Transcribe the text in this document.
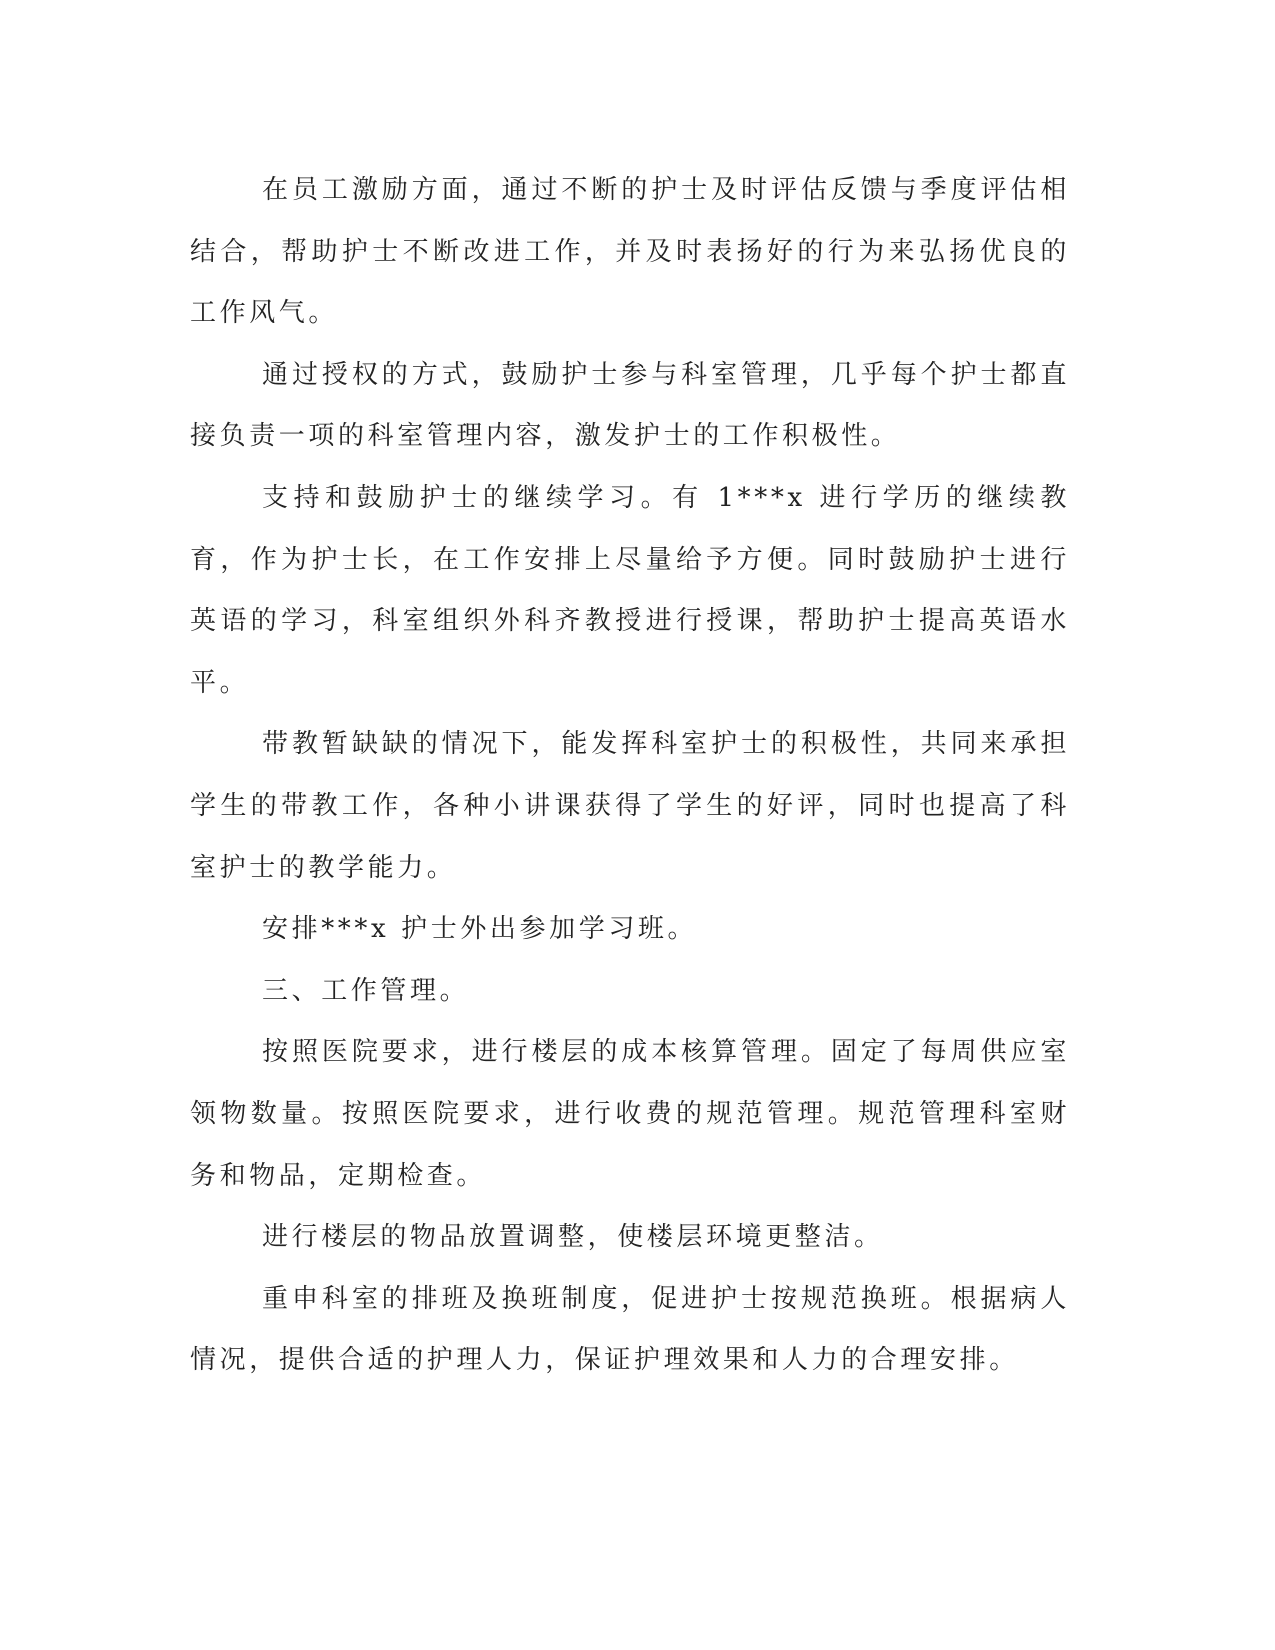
在员工激励方面，通过不断的护士及时评估反馈与季度评估相结合，帮助护士不断改进工作，并及时表扬好的行为来弘扬优良的工作风气。

通过授权的方式，鼓励护士参与科室管理，几乎每个护士都直接负责一项的科室管理内容，激发护士的工作积极性。

支持和鼓励护士的继续学习。有 1***x 进行学历的继续教育，作为护士长，在工作安排上尽量给予方便。同时鼓励护士进行英语的学习，科室组织外科齐教授进行授课，帮助护士提高英语水平。

带教暂缺缺的情况下，能发挥科室护士的积极性，共同来承担学生的带教工作，各种小讲课获得了学生的好评，同时也提高了科室护士的教学能力。

安排***x 护士外出参加学习班。

三、工作管理。

按照医院要求，进行楼层的成本核算管理。固定了每周供应室领物数量。按照医院要求，进行收费的规范管理。规范管理科室财务和物品，定期检查。

进行楼层的物品放置调整，使楼层环境更整洁。

重申科室的排班及换班制度，促进护士按规范换班。根据病人情况，提供合适的护理人力，保证护理效果和人力的合理安排。
